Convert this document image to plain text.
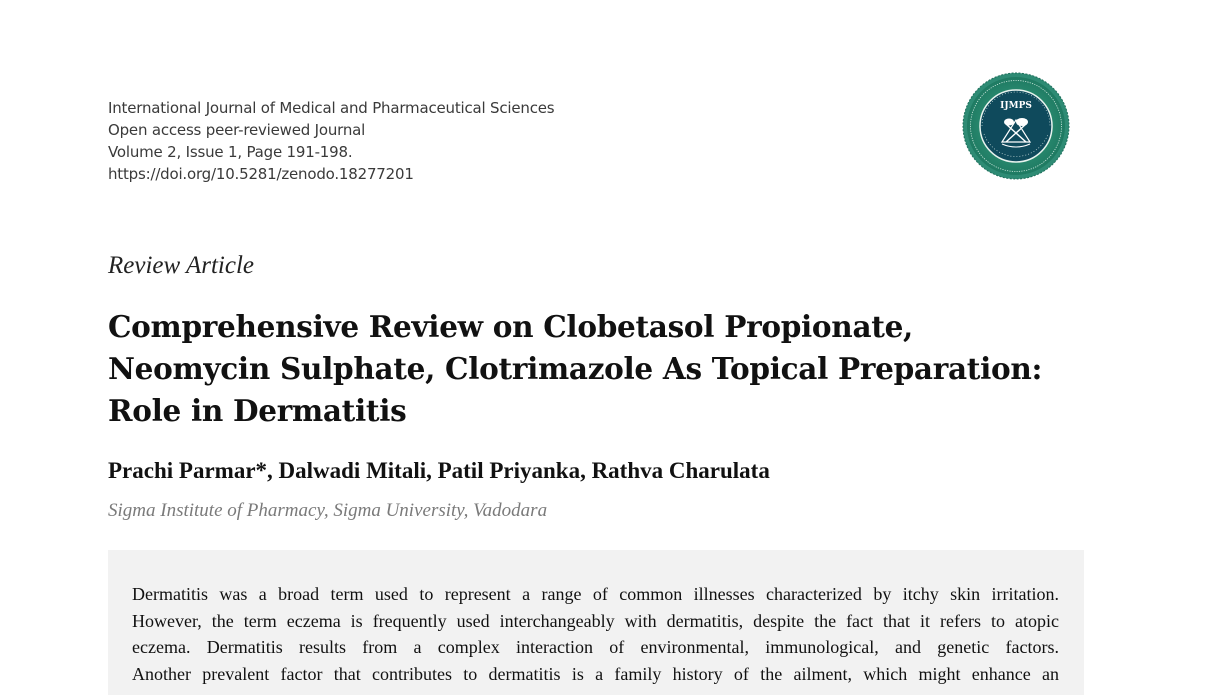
International Journal of Medical and Pharmaceutical Sciences
Open access peer-reviewed Journal
Volume 2, Issue 1, Page 191-198.
https://doi.org/10.5281/zenodo.18277201
IJMPS
Review Article
Comprehensive Review on Clobetasol Propionate,
Neomycin Sulphate, Clotrimazole As Topical Preparation:
Role in Dermatitis
Prachi Parmar*, Dalwadi Mitali, Patil Priyanka, Rathva Charulata
Sigma Institute of Pharmacy, Sigma University, Vadodara
Dermatitis was a broad term used to represent a range of common illnesses characterized by itchy skin irritation.
However, the term eczema is frequently used interchangeably with dermatitis, despite the fact that it refers to atopic
eczema. Dermatitis results from a complex interaction of environmental, immunological, and genetic factors.
Another prevalent factor that contributes to dermatitis is a family history of the ailment, which might enhance an
